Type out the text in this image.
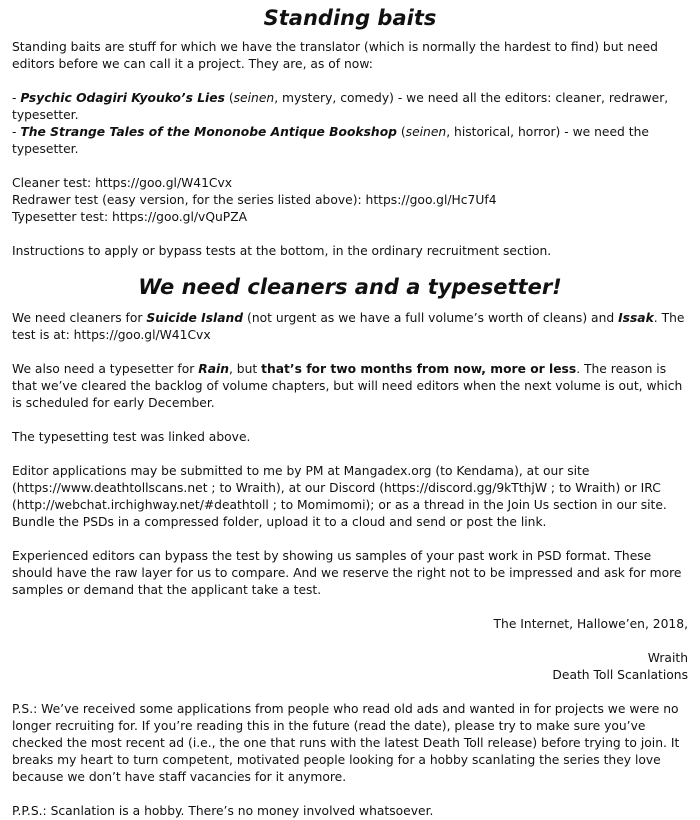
Standing baits

Standing baits are stuff for which we have the translator (which is normally the hardest to find) but need editors before we can call it a project. They are, as of now:

- Psychic Odagiri Kyouko’s Lies (seinen, mystery, comedy) - we need all the editors: cleaner, redrawer, typesetter.

- The Strange Tales of the Mononobe Antique Bookshop (seinen, historical, horror) - we need the typesetter.

Cleaner test: https://goo.gl/W41Cvx

Redrawer test (easy version, for the series listed above): https://goo.gl/Hc7Uf4

Typesetter test: https://goo.gl/vQuPZA

Instructions to apply or bypass tests at the bottom, in the ordinary recruitment section.

We need cleaners and a typesetter!

We need cleaners for Suicide Island (not urgent as we have a full volume’s worth of cleans) and Issak. The test is at: https://goo.gl/W41Cvx

We also need a typesetter for Rain, but that’s for two months from now, more or less. The reason is that we’ve cleared the backlog of volume chapters, but will need editors when the next volume is out, which is scheduled for early December.

The typesetting test was linked above.

Editor applications may be submitted to me by PM at Mangadex.org (to Kendama), at our site (https://www.deathtollscans.net ; to Wraith), at our Discord (https://discord.gg/9kTthjW ; to Wraith) or IRC (http://webchat.irchighway.net/#deathtoll ; to Momimomi); or as a thread in the Join Us section in our site. Bundle the PSDs in a compressed folder, upload it to a cloud and send or post the link.

Experienced editors can bypass the test by showing us samples of your past work in PSD format. These should have the raw layer for us to compare. And we reserve the right not to be impressed and ask for more samples or demand that the applicant take a test.

The Internet, Hallowe’en, 2018,

Wraith

Death Toll Scanlations

P.S.: We’ve received some applications from people who read old ads and wanted in for projects we were no longer recruiting for. If you’re reading this in the future (read the date), please try to make sure you’ve checked the most recent ad (i.e., the one that runs with the latest Death Toll release) before trying to join. It breaks my heart to turn competent, motivated people looking for a hobby scanlating the series they love because we don’t have staff vacancies for it anymore.

P.P.S.: Scanlation is a hobby. There’s no money involved whatsoever.
